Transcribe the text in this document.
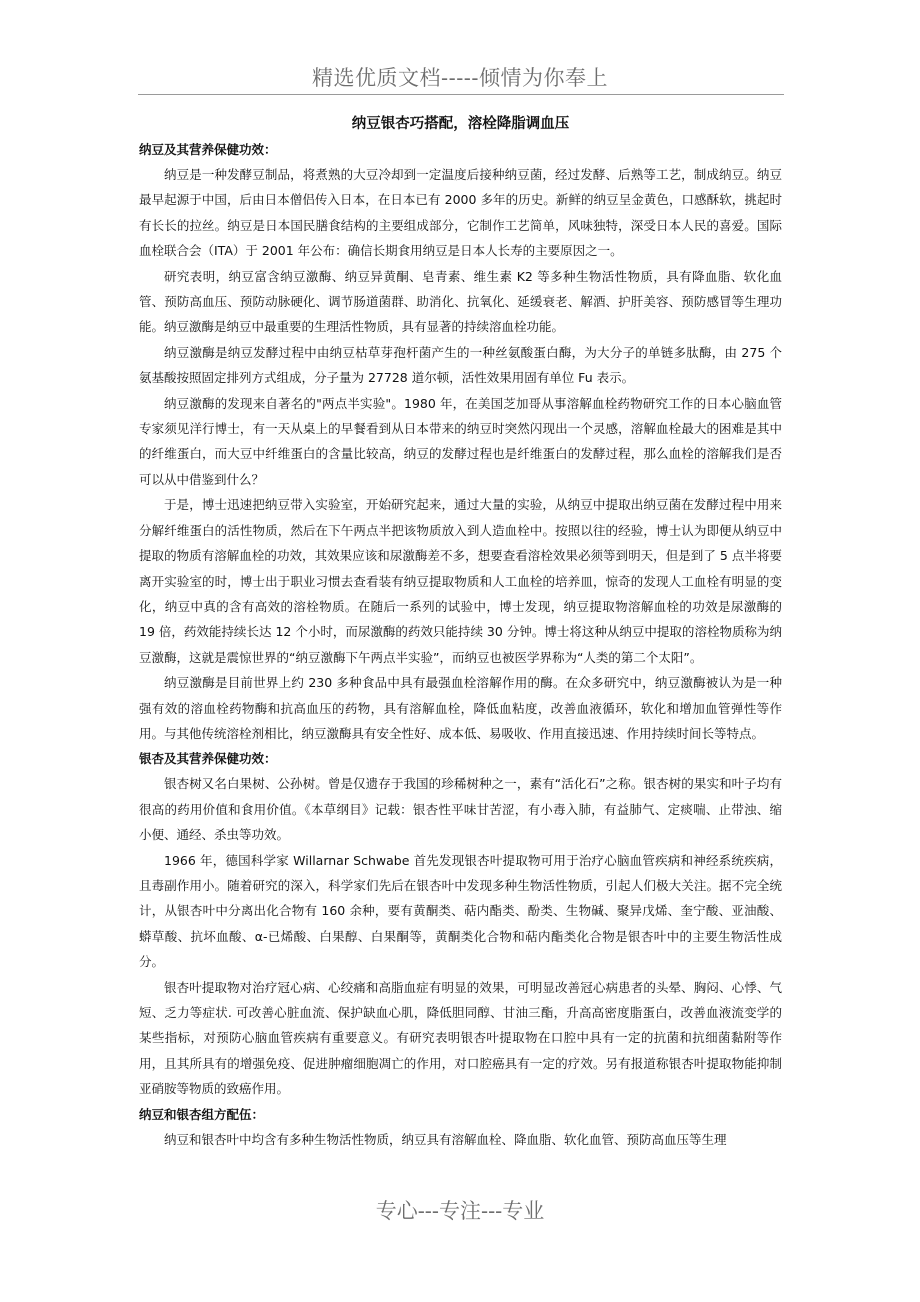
精选优质文档-----倾情为你奉上
纳豆银杏巧搭配，溶栓降脂调血压
纳豆及其营养保健功效：

纳豆是一种发酵豆制品，将煮熟的大豆冷却到一定温度后接种纳豆菌，经过发酵、后熟等工艺，制成纳豆。纳豆最早起源于中国，后由日本僧侣传入日本，在日本已有 2000 多年的历史。新鲜的纳豆呈金黄色，口感酥软，挑起时有长长的拉丝。纳豆是日本国民膳食结构的主要组成部分，它制作工艺简单，风味独特，深受日本人民的喜爱。国际血栓联合会（ITA）于 2001 年公布：确信长期食用纳豆是日本人长寿的主要原因之一。

研究表明，纳豆富含纳豆激酶、纳豆异黄酮、皂青素、维生素 K2 等多种生物活性物质，具有降血脂、软化血管、预防高血压、预防动脉硬化、调节肠道菌群、助消化、抗氧化、延缓衰老、解酒、护肝美容、预防感冒等生理功能。纳豆激酶是纳豆中最重要的生理活性物质，具有显著的持续溶血栓功能。

纳豆激酶是纳豆发酵过程中由纳豆枯草芽孢杆菌产生的一种丝氨酸蛋白酶，为大分子的单链多肽酶，由 275 个氨基酸按照固定排列方式组成，分子量为 27728 道尔顿，活性效果用固有单位 Fu 表示。

纳豆激酶的发现来自著名的"两点半实验"。1980 年，在美国芝加哥从事溶解血栓药物研究工作的日本心脑血管专家须见洋行博士，有一天从桌上的早餐看到从日本带来的纳豆时突然闪现出一个灵感，溶解血栓最大的困难是其中的纤维蛋白，而大豆中纤维蛋白的含量比较高，纳豆的发酵过程也是纤维蛋白的发酵过程，那么血栓的溶解我们是否可以从中借鉴到什么？

于是，博士迅速把纳豆带入实验室，开始研究起来，通过大量的实验，从纳豆中提取出纳豆菌在发酵过程中用来分解纤维蛋白的活性物质，然后在下午两点半把该物质放入到人造血栓中。按照以往的经验，博士认为即便从纳豆中提取的物质有溶解血栓的功效，其效果应该和尿激酶差不多，想要查看溶栓效果必须等到明天，但是到了 5 点半将要离开实验室的时，博士出于职业习惯去查看装有纳豆提取物质和人工血栓的培养皿，惊奇的发现人工血栓有明显的变化，纳豆中真的含有高效的溶栓物质。在随后一系列的试验中，博士发现，纳豆提取物溶解血栓的功效是尿激酶的 19 倍，药效能持续长达 12 个小时，而尿激酶的药效只能持续 30 分钟。博士将这种从纳豆中提取的溶栓物质称为纳豆激酶，这就是震惊世界的“纳豆激酶下午两点半实验”，而纳豆也被医学界称为“人类的第二个太阳”。

纳豆激酶是目前世界上约 230 多种食品中具有最强血栓溶解作用的酶。在众多研究中，纳豆激酶被认为是一种强有效的溶血栓药物酶和抗高血压的药物，具有溶解血栓，降低血粘度，改善血液循环，软化和增加血管弹性等作用。与其他传统溶栓剂相比，纳豆激酶具有安全性好、成本低、易吸收、作用直接迅速、作用持续时间长等特点。

银杏及其营养保健功效：

银杏树又名白果树、公孙树。曾是仅遗存于我国的珍稀树种之一，素有“活化石”之称。银杏树的果实和叶子均有很高的药用价值和食用价值。《本草纲目》记载：银杏性平味甘苦涩，有小毒入肺，有益肺气、定痰喘、止带浊、缩小便、通经、杀虫等功效。

1966 年，德国科学家 Willarnar Schwabe 首先发现银杏叶提取物可用于治疗心脑血管疾病和神经系统疾病，且毒副作用小。随着研究的深入，科学家们先后在银杏叶中发现多种生物活性物质，引起人们极大关注。据不完全统计，从银杏叶中分离出化合物有 160 余种，要有黄酮类、萜内酯类、酚类、生物碱、聚异戊烯、奎宁酸、亚油酸、蟒草酸、抗坏血酸、α-已烯酸、白果醇、白果酮等，黄酮类化合物和萜内酯类化合物是银杏叶中的主要生物活性成分。

银杏叶提取物对治疗冠心病、心绞痛和高脂血症有明显的效果，可明显改善冠心病患者的头晕、胸闷、心悸、气短、乏力等症状. 可改善心脏血流、保护缺血心肌，降低胆同醇、甘油三酯，升高高密度脂蛋白，改善血液流变学的某些指标，对预防心脑血管疾病有重要意义。有研究表明银杏叶提取物在口腔中具有一定的抗菌和抗细菌黏附等作用，且其所具有的增强免疫、促进肿瘤细胞凋亡的作用，对口腔癌具有一定的疗效。另有报道称银杏叶提取物能抑制亚硝胺等物质的致癌作用。

纳豆和银杏组方配伍：

纳豆和银杏叶中均含有多种生物活性物质，纳豆具有溶解血栓、降血脂、软化血管、预防高血压等生理

专心---专注---专业
